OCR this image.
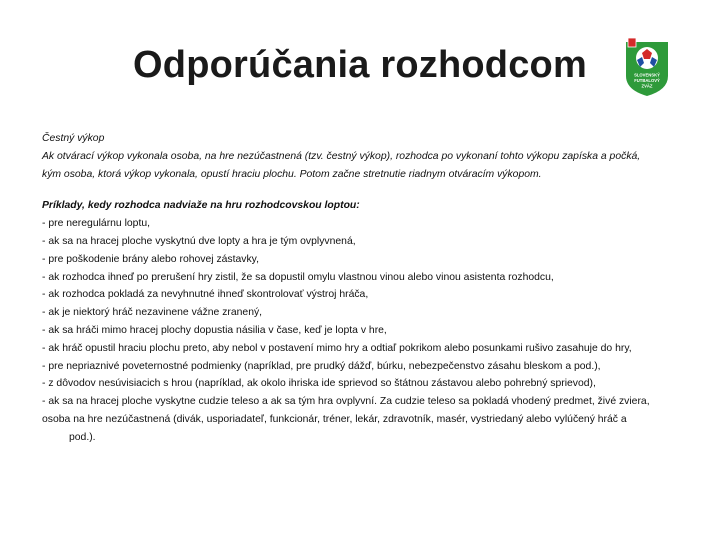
Odporúčania rozhodcom	SLOVENSKÝ
FUTBALOVÝ
ZVÄZ

Čestný výkop

Ak otvárací výkop vykonala osoba, na hre nezúčastnená (tzv. čestný výkop), rozhodca po vykonaní tohto výkopu zapíska a počká,

kým osoba, ktorá výkop vykonala, opustí hraciu plochu. Potom začne stretnutie riadnym otváracím výkopom.

Príklady, kedy rozhodca nadviaže na hru rozhodcovskou loptou:

- pre neregulárnu loptu,

- ak sa na hracej ploche vyskytnú dve lopty a hra je tým ovplyvnená,

- pre poškodenie brány alebo rohovej zástavky,

- ak rozhodca ihneď po prerušení hry zistil, že sa dopustil omylu vlastnou vinou alebo vinou asistenta rozhodcu,

- ak rozhodca pokladá za nevyhnutné ihneď skontrolovať výstroj hráča,

- ak je niektorý hráč nezavinene vážne zranený,

- ak sa hráči mimo hracej plochy dopustia násilia v čase, keď je lopta v hre,

- ak hráč opustil hraciu plochu preto, aby nebol v postavení mimo hry a odtiaľ pokrikom alebo posunkami rušivo zasahuje do hry,

- pre nepriaznivé poveternostné podmienky (napríklad, pre prudký dážď, búrku, nebezpečenstvo zásahu bleskom a pod.),

- z dôvodov nesúvisiacich s hrou (napríklad, ak okolo ihriska ide sprievod so štátnou zástavou alebo pohrebný sprievod),

- ak sa na hracej ploche vyskytne cudzie teleso a ak sa tým hra ovplyvní. Za cudzie teleso sa pokladá vhodený predmet, živé zviera,

osoba na hre nezúčastnená (divák, usporiadateľ, funkcionár, tréner, lekár, zdravotník, masér, vystriedaný alebo vylúčený hráč a

pod.).
